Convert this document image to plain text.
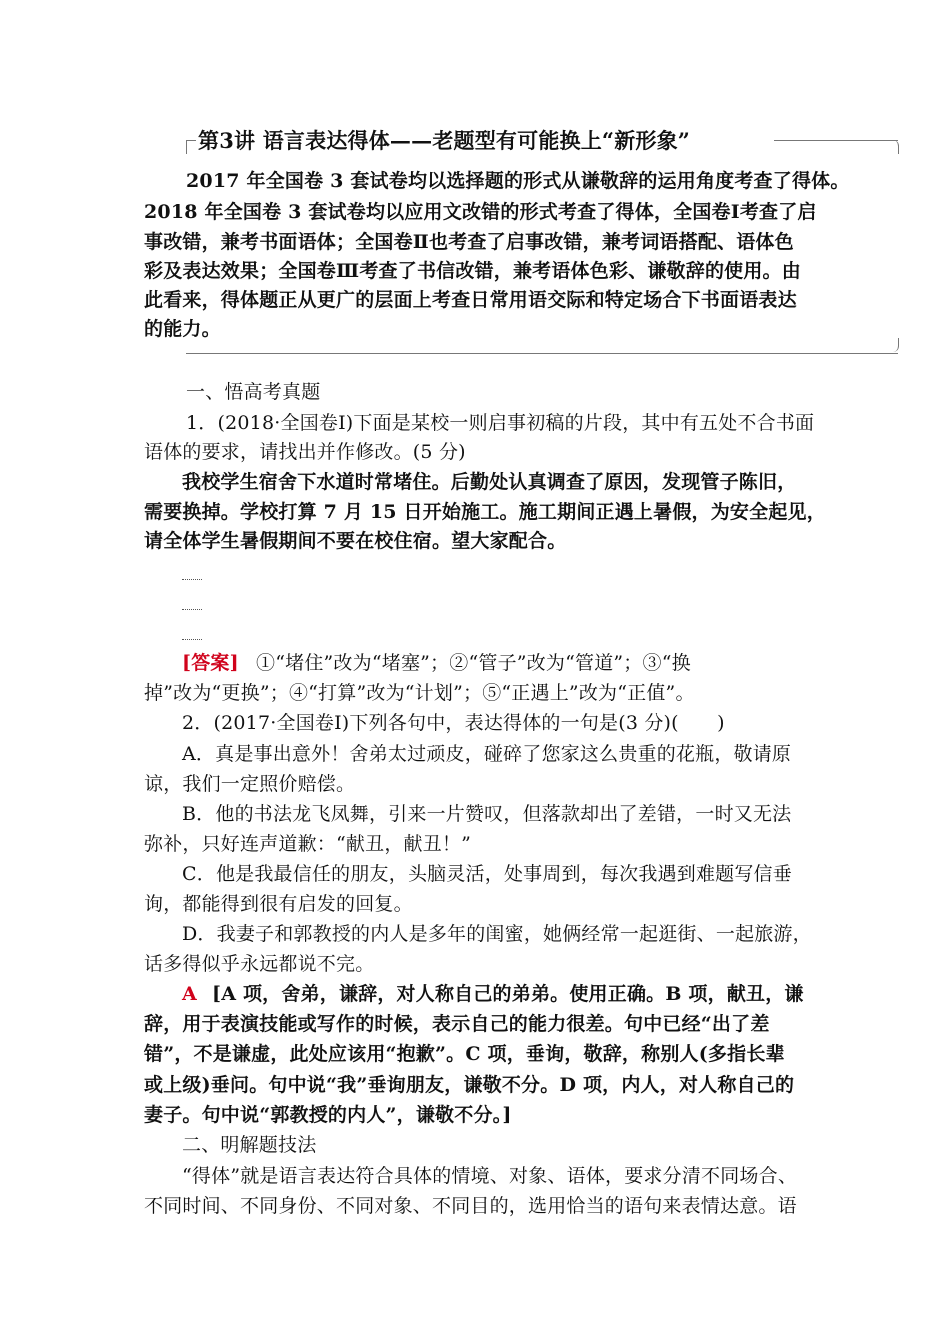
第3讲 语言表达得体——老题型有可能换上“新形象”
2017 年全国卷 3 套试卷均以选择题的形式从谦敬辞的运用角度考查了得体。
2018 年全国卷 3 套试卷均以应用文改错的形式考查了得体，全国卷Ⅰ考查了启
事改错，兼考书面语体；全国卷Ⅱ也考查了启事改错，兼考词语搭配、语体色
彩及表达效果；全国卷Ⅲ考查了书信改错，兼考语体色彩、谦敬辞的使用。由
此看来，得体题正从更广的层面上考查日常用语交际和特定场合下书面语表达
的能力。
一、悟高考真题
1．(2018·全国卷Ⅰ)下面是某校一则启事初稿的片段，其中有五处不合书面
语体的要求，请找出并作修改。(5 分)
我校学生宿舍下水道时常堵住。后勤处认真调查了原因，发现管子陈旧，
需要换掉。学校打算 7 月 15 日开始施工。施工期间正遇上暑假，为安全起见，
请全体学生暑假期间不要在校住宿。望大家配合。
[答案] ①“堵住”改为“堵塞”；②“管子”改为“管道”；③“换
掉”改为“更换”；④“打算”改为“计划”；⑤“正遇上”改为“正值”。
2．(2017·全国卷Ⅰ)下列各句中，表达得体的一句是(3 分)(　　)
A．真是事出意外！舍弟太过顽皮，碰碎了您家这么贵重的花瓶，敬请原
谅，我们一定照价赔偿。
B．他的书法龙飞凤舞，引来一片赞叹，但落款却出了差错，一时又无法
弥补，只好连声道歉：“献丑，献丑！”
C．他是我最信任的朋友，头脑灵活，处事周到，每次我遇到难题写信垂
询，都能得到很有启发的回复。
D．我妻子和郭教授的内人是多年的闺蜜，她俩经常一起逛街、一起旅游，
话多得似乎永远都说不完。
A [A 项，舍弟，谦辞，对人称自己的弟弟。使用正确。B 项，献丑，谦
辞，用于表演技能或写作的时候，表示自己的能力很差。句中已经“出了差
错”，不是谦虚，此处应该用“抱歉”。C 项，垂询，敬辞，称别人(多指长辈
或上级)垂问。句中说“我”垂询朋友，谦敬不分。D 项，内人，对人称自己的
妻子。句中说“郭教授的内人”，谦敬不分。]
二、明解题技法
“得体”就是语言表达符合具体的情境、对象、语体，要求分清不同场合、
不同时间、不同身份、不同对象、不同目的，选用恰当的语句来表情达意。语
